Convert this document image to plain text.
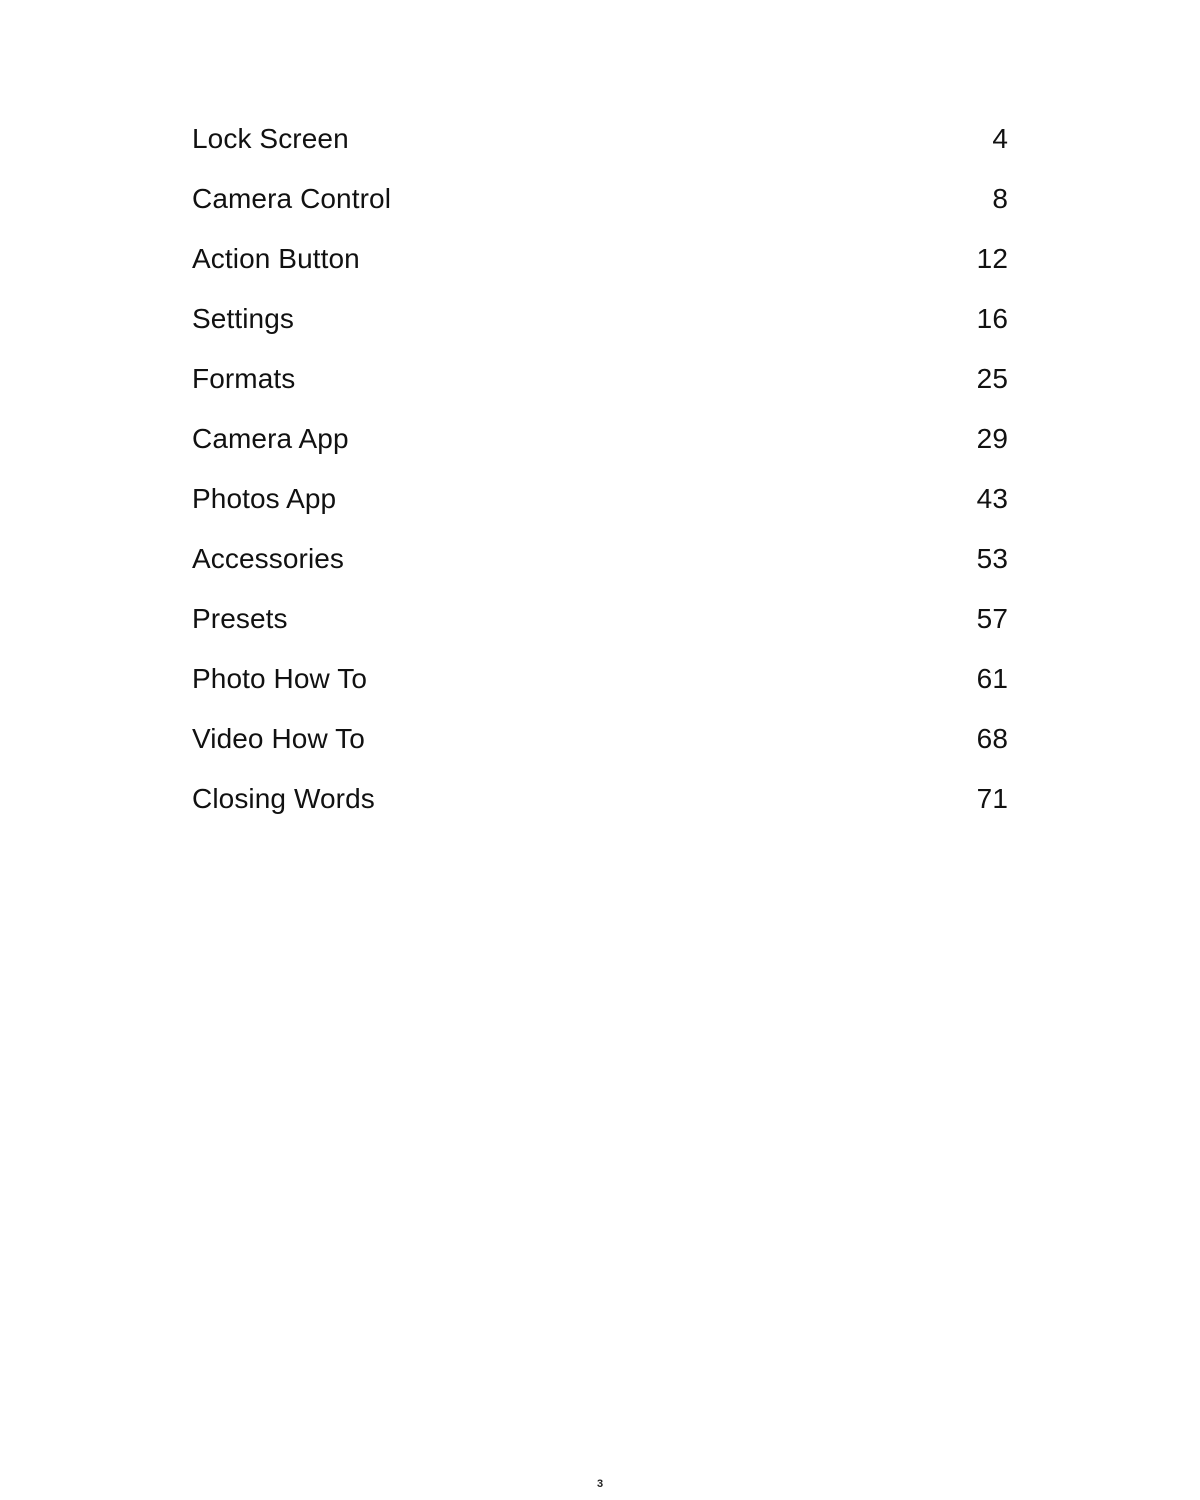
Lock Screen	4
Camera Control	8
Action Button	12
Settings	16
Formats	25
Camera App	29
Photos App	43
Accessories	53
Presets	57
Photo How To	61
Video How To	68
Closing Words	71
3
